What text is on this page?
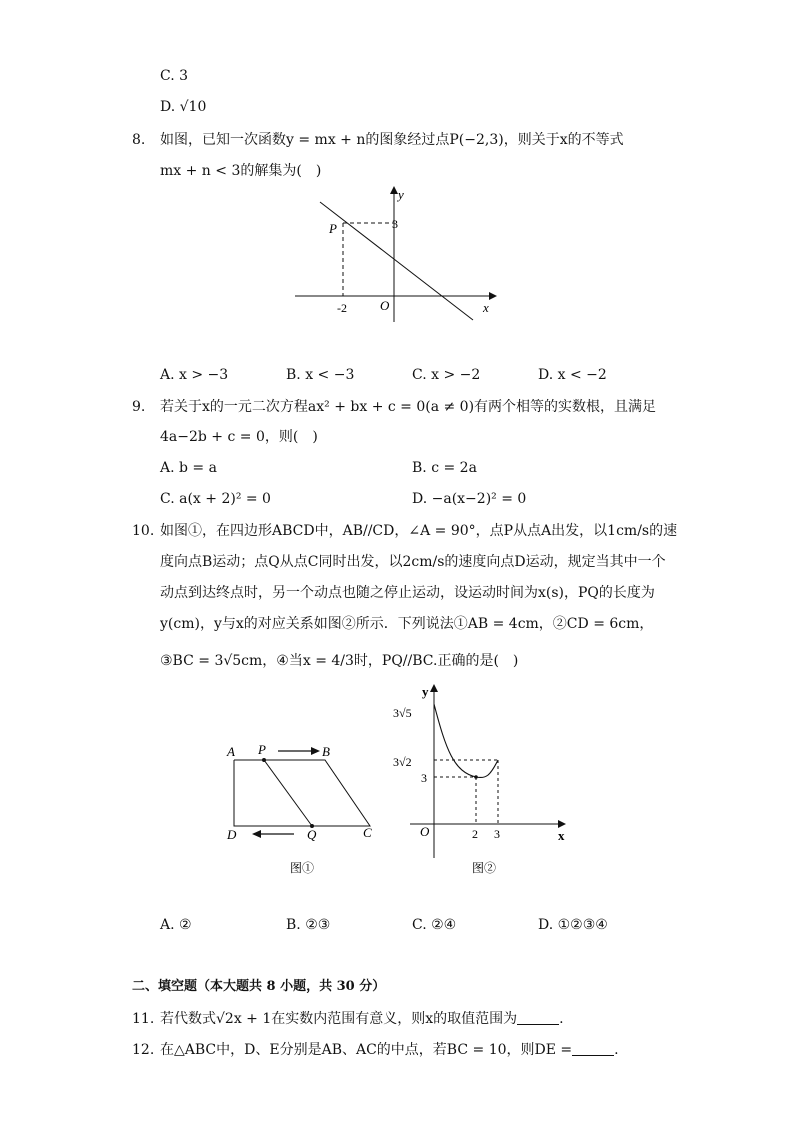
C. 3
D. √10
8. 如图，已知一次函数y = mx + n的图象经过点P(−2,3)，则关于x的不等式
mx + n < 3的解集为(　)
y
x
O
P
-2
3
A. x > −3	B. x < −3	C. x > −2	D. x < −2
9. 若关于x的一元二次方程ax² + bx + c = 0(a ≠ 0)有两个相等的实数根，且满足
4a−2b + c = 0，则(　)
A. b = a	B. c = 2a
C. a(x + 2)² = 0	D. −a(x−2)² = 0
10. 如图①，在四边形ABCD中，AB//CD，∠A = 90°，点P从点A出发，以1cm/s的速
度向点B运动；点Q从点C同时出发，以2cm/s的速度向点D运动，规定当其中一个
动点到达终点时，另一个动点也随之停止运动，设运动时间为x(s)，PQ的长度为
y(cm)，y与x的对应关系如图②所示．下列说法①AB = 4cm，②CD = 6cm，
③BC = 3√5cm，④当x = 4/3时，PQ//BC.正确的是(　)
A P	B
D	Q	C
图①
y
x
O
3√5
3√2
3
2 3
图②
A. ②	B. ②③	C. ②④	D. ①②③④
二、填空题（本大题共 8 小题，共 30 分）
11. 若代数式√2x + 1在实数内范围有意义，则x的取值范围为	.
12. 在△ABC中，D、E分别是AB、AC的中点，若BC = 10，则DE =	.
